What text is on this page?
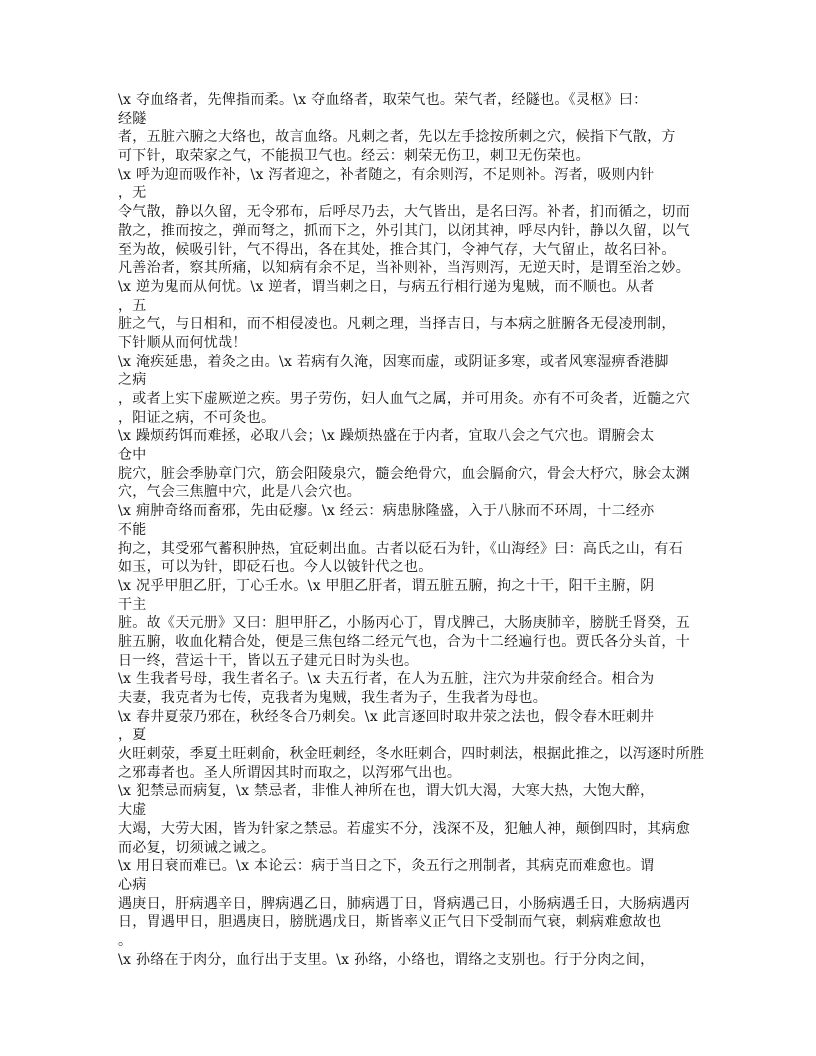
\x 夺血络者，先俾指而柔。\x 夺血络者，取荣气也。荣气者，经隧也。《灵枢》曰：
经隧
者，五脏六腑之大络也，故言血络。凡刺之者，先以左手捻按所刺之穴，候指下气散，方
可下针，取荣家之气，不能损卫气也。经云：刺荣无伤卫，刺卫无伤荣也。
\x 呼为迎而吸作补，\x 泻者迎之，补者随之，有余则泻，不足则补。泻者，吸则内针
，无
令气散，静以久留，无令邪布，后呼尽乃去，大气皆出，是名曰泻。补者，扪而循之，切而
散之，推而按之，弹而弩之，抓而下之，外引其门，以闭其神，呼尽内针，静以久留，以气
至为故，候吸引针，气不得出，各在其处，推合其门，令神气存，大气留止，故名曰补。
凡善治者，察其所痛，以知病有余不足，当补则补，当泻则泻，无逆天时，是谓至治之妙。
\x 逆为鬼而从何忧。\x 逆者，谓当刺之日，与病五行相行递为鬼贼，而不顺也。从者
，五
脏之气，与日相和，而不相侵凌也。凡刺之理，当择吉日，与本病之脏腑各无侵凌刑制，
下针顺从而何忧哉！
\x 淹疾延患，着灸之由。\x 若病有久淹，因寒而虚，或阴证多寒，或者风寒湿痹香港脚
之病
，或者上实下虚厥逆之疾。男子劳伤，妇人血气之属，并可用灸。亦有不可灸者，近髓之穴
，阳证之病，不可灸也。
\x 躁烦药饵而难拯，必取八会；\x 躁烦热盛在于内者，宜取八会之气穴也。谓腑会太
仓中
脘穴，脏会季胁章门穴，筋会阳陵泉穴，髓会绝骨穴，血会膈俞穴，骨会大杼穴，脉会太渊
穴，气会三焦膻中穴，此是八会穴也。
\x 痈肿奇络而畜邪，先由砭瘳。\x 经云：病患脉隆盛，入于八脉而不环周，十二经亦
不能
拘之，其受邪气蓄积肿热，宜砭刺出血。古者以砭石为针，《山海经》曰：高氏之山，有石
如玉，可以为针，即砭石也。今人以铍针代之也。
\x 况乎甲胆乙肝，丁心壬水。\x 甲胆乙肝者，谓五脏五腑，拘之十干，阳干主腑，阴
干主
脏。故《天元册》又曰：胆甲肝乙，小肠丙心丁，胃戊脾己，大肠庚肺辛，膀胱壬肾癸，五
脏五腑，收血化精合处，便是三焦包络二经元气也，合为十二经遍行也。贾氏各分头首，十
日一终，营运十干，皆以五子建元日时为头也。
\x 生我者号母，我生者名子。\x 夫五行者，在人为五脏，注穴为井荥俞经合。相合为
夫妻，我克者为七传，克我者为鬼贼，我生者为子，生我者为母也。
\x 春井夏荥乃邪在，秋经冬合乃刺矣。\x 此言逐回时取井荥之法也，假令春木旺刺井
，夏
火旺刺荥，季夏土旺刺俞，秋金旺刺经，冬水旺刺合，四时刺法，根据此推之，以泻逐时所胜
之邪毒者也。圣人所谓因其时而取之，以泻邪气出也。
\x 犯禁忌而病复，\x 禁忌者，非惟人神所在也，谓大饥大渴，大寒大热，大饱大醉，
大虚
大竭，大劳大困，皆为针家之禁忌。若虚实不分，浅深不及，犯触人神，颠倒四时，其病愈
而必复，切须诫之诫之。
\x 用日衰而难已。\x 本论云：病于当日之下，灸五行之刑制者，其病克而难愈也。谓
心病
遇庚日，肝病遇辛日，脾病遇乙日，肺病遇丁日，肾病遇己日，小肠病遇壬日，大肠病遇丙
日，胃遇甲日，胆遇庚日，膀胱遇戊日，斯皆率义正气日下受制而气衰，刺病难愈故也
。
\x 孙络在于肉分，血行出于支里。\x 孙络，小络也，谓络之支别也。行于分肉之间，
